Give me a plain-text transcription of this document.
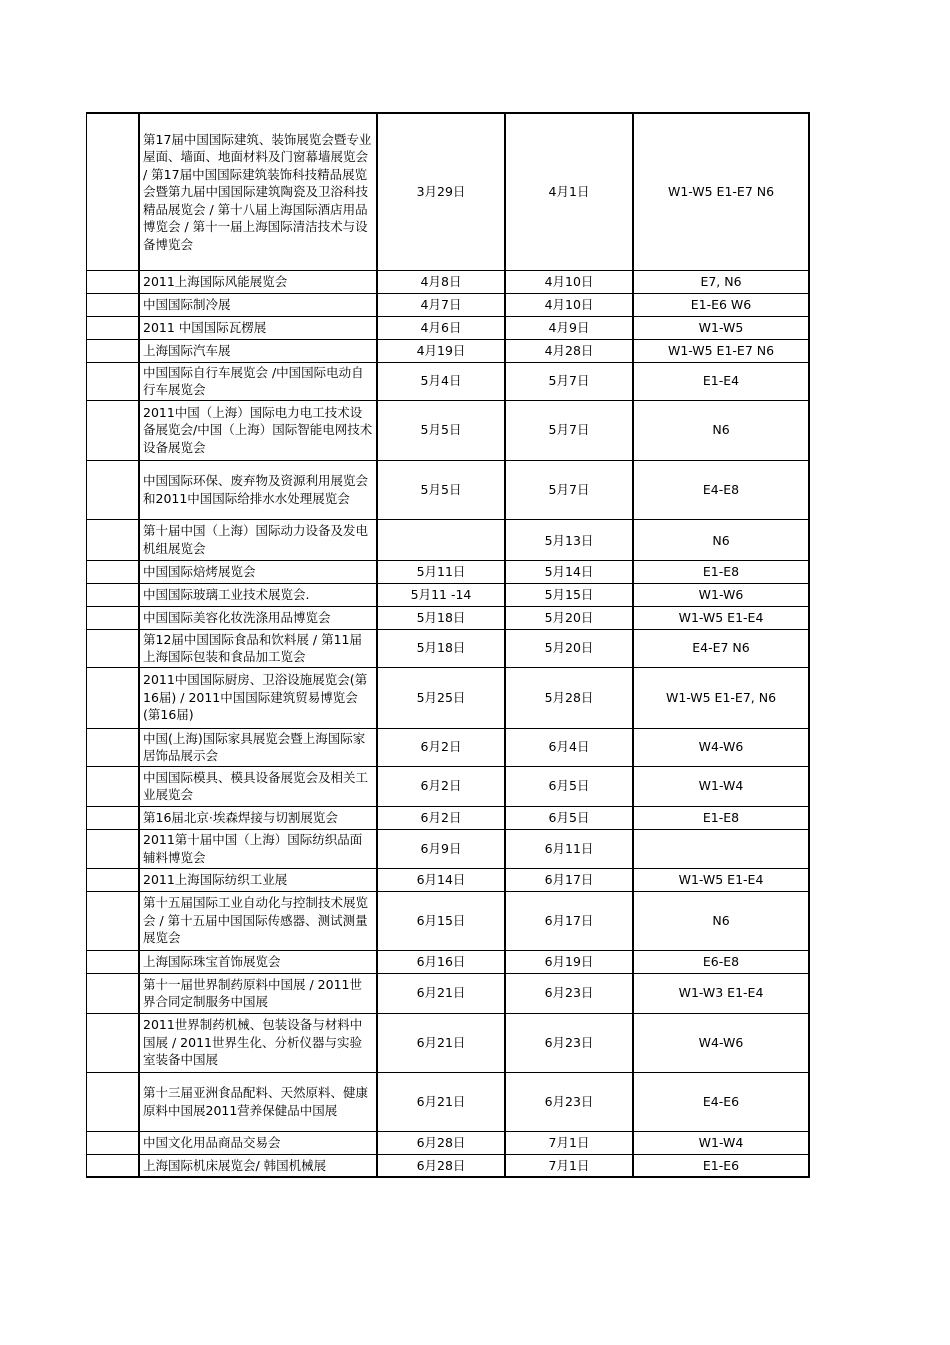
	第17届中国国际建筑、装饰展览会暨专业屋面、墙面、地面材料及门窗幕墙展览会 / 第17届中国国际建筑装饰科技精品展览会暨第九届中国国际建筑陶瓷及卫浴科技精品展览会 / 第十八届上海国际酒店用品博览会 / 第十一届上海国际清洁技术与设备博览会	3月29日	4月1日	W1-W5 E1-E7 N6
	2011上海国际风能展览会	4月8日	4月10日	E7, N6
	中国国际制冷展	4月7日	4月10日	E1-E6 W6
	2011 中国国际瓦楞展	4月6日	4月9日	W1-W5
	上海国际汽车展	4月19日	4月28日	W1-W5 E1-E7 N6
	中国国际自行车展览会 /中国国际电动自行车展览会	5月4日	5月7日	E1-E4
	2011中国（上海）国际电力电工技术设备展览会/中国（上海）国际智能电网技术设备展览会	5月5日	5月7日	N6
	中国国际环保、废弃物及资源利用展览会和2011中国国际给排水水处理展览会	5月5日	5月7日	E4-E8
	第十届中国（上海）国际动力设备及发电机组展览会		5月13日	N6
	中国国际焙烤展览会	5月11日	5月14日	E1-E8
	中国国际玻璃工业技术展览会.	5月11 -14	5月15日	W1-W6
	中国国际美容化妆洗涤用品博览会	5月18日	5月20日	W1-W5 E1-E4
	第12届中国国际食品和饮料展 / 第11届上海国际包装和食品加工览会	5月18日	5月20日	E4-E7 N6
	2011中国国际厨房、卫浴设施展览会(第16届) / 2011中国国际建筑贸易博览会(第16届)	5月25日	5月28日	W1-W5 E1-E7, N6
	中国(上海)国际家具展览会暨上海国际家居饰品展示会	6月2日	6月4日	W4-W6
	中国国际模具、模具设备展览会及相关工业展览会	6月2日	6月5日	W1-W4
	第16届北京·埃森焊接与切割展览会	6月2日	6月5日	E1-E8
	2011第十届中国（上海）国际纺织品面辅料博览会	6月9日	6月11日	
	2011上海国际纺织工业展	6月14日	6月17日	W1-W5 E1-E4
	第十五届国际工业自动化与控制技术展览会 / 第十五届中国国际传感器、测试测量展览会	6月15日	6月17日	N6
	上海国际珠宝首饰展览会	6月16日	6月19日	E6-E8
	第十一届世界制药原料中国展 / 2011世界合同定制服务中国展	6月21日	6月23日	W1-W3 E1-E4
	2011世界制药机械、包装设备与材料中国展 / 2011世界生化、分析仪器与实验室装备中国展	6月21日	6月23日	W4-W6
	第十三届亚洲食品配料、天然原料、健康原料中国展2011营养保健品中国展	6月21日	6月23日	E4-E6
	中国文化用品商品交易会	6月28日	7月1日	W1-W4
	上海国际机床展览会/ 韩国机械展	6月28日	7月1日	E1-E6
